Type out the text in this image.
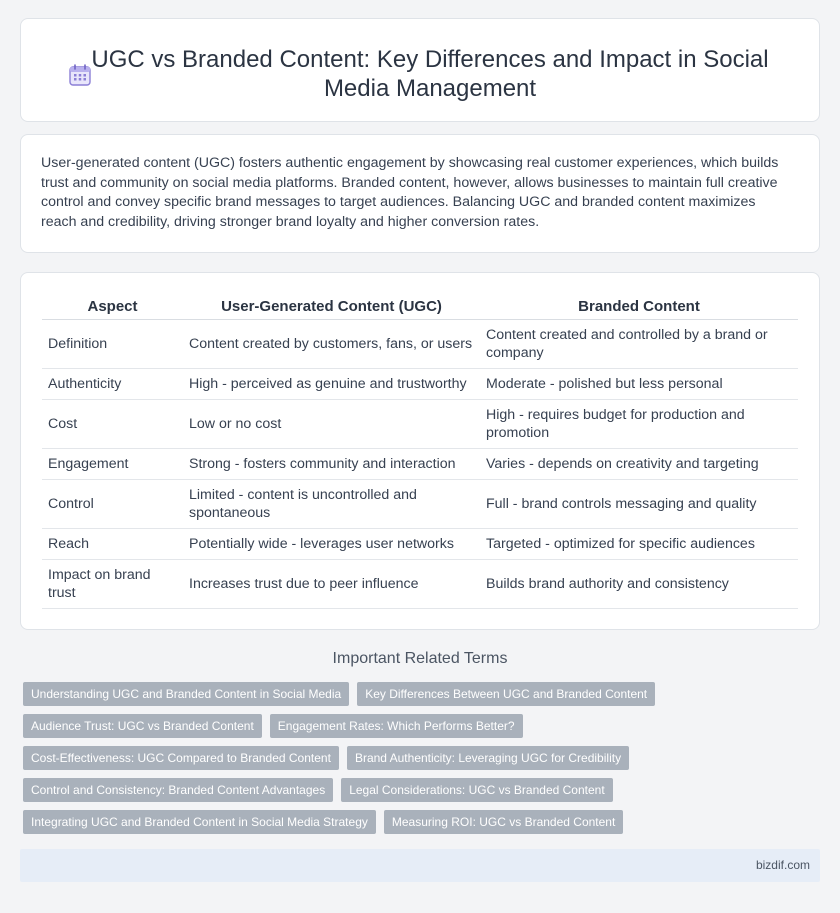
UGC vs Branded Content: Key Differences and Impact in Social Media Management

User-generated content (UGC) fosters authentic engagement by showcasing real customer experiences, which builds trust and community on social media platforms. Branded content, however, allows businesses to maintain full creative control and convey specific brand messages to target audiences. Balancing UGC and branded content maximizes reach and credibility, driving stronger brand loyalty and higher conversion rates.

Aspect	User-Generated Content (UGC)	Branded Content
Definition	Content created by customers, fans, or users	Content created and controlled by a brand or company
Authenticity	High - perceived as genuine and trustworthy	Moderate - polished but less personal
Cost	Low or no cost	High - requires budget for production and promotion
Engagement	Strong - fosters community and interaction	Varies - depends on creativity and targeting
Control	Limited - content is uncontrolled and spontaneous	Full - brand controls messaging and quality
Reach	Potentially wide - leverages user networks	Targeted - optimized for specific audiences
Impact on brand trust	Increases trust due to peer influence	Builds brand authority and consistency
Important Related Terms
Understanding UGC and Branded Content in Social Media	Key Differences Between UGC and Branded Content
Audience Trust: UGC vs Branded Content	Engagement Rates: Which Performs Better?
Cost-Effectiveness: UGC Compared to Branded Content	Brand Authenticity: Leveraging UGC for Credibility
Control and Consistency: Branded Content Advantages	Legal Considerations: UGC vs Branded Content
Integrating UGC and Branded Content in Social Media Strategy	Measuring ROI: UGC vs Branded Content
bizdif.com
